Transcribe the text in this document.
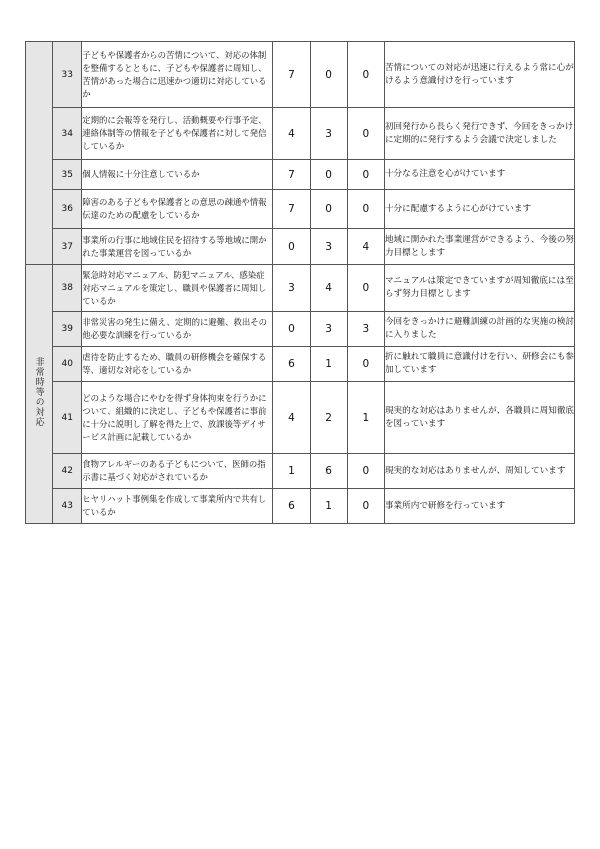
	33	子どもや保護者からの苦情について、対応の体制を整備するとともに、子どもや保護者に周知し、苦情があった場合に迅速かつ適切に対応しているか	7	0	0	苦情についての対応が迅速に行えるよう常に心がけるよう意識付けを行っています
	34	定期的に会報等を発行し、活動概要や行事予定、連絡体制等の情報を子どもや保護者に対して発信しているか	4	3	0	初回発行から長らく発行できず、今回をきっかけに定期的に発行するよう会議で決定しました
	35	個人情報に十分注意しているか	7	0	0	十分なる注意を心がけています
	36	障害のある子どもや保護者との意思の疎通や情報伝達のための配慮をしているか	7	0	0	十分に配慮するように心がけています
	37	事業所の行事に地域住民を招待する等地域に開かれた事業運営を図っているか	0	3	4	地域に開かれた事業運営ができるよう、今後の努力目標とします
非常時等の対応	38	緊急時対応マニュアル、防犯マニュアル、感染症対応マニュアルを策定し、職員や保護者に周知しているか	3	4	0	マニュアルは策定できていますが周知徹底には至らず努力目標とします
	39	非常災害の発生に備え、定期的に避難、救出その他必要な訓練を行っているか	0	3	3	今回をきっかけに避難訓練の計画的な実施の検討に入りました
	40	虐待を防止するため、職員の研修機会を確保する等、適切な対応をしているか	6	1	0	折に触れて職員に意識付けを行い、研修会にも参加しています
	41	どのような場合にやむを得ず身体拘束を行うかについて、組織的に決定し、子どもや保護者に事前に十分に説明し了解を得た上で、放課後等デイサービス計画に記載しているか	4	2	1	現実的な対応はありませんが、各職員に周知徹底を図っています
	42	食物アレルギーのある子どもについて、医師の指示書に基づく対応がされているか	1	6	0	現実的な対応はありませんが、周知しています
	43	ヒヤリハット事例集を作成して事業所内で共有しているか	6	1	0	事業所内で研修を行っています
